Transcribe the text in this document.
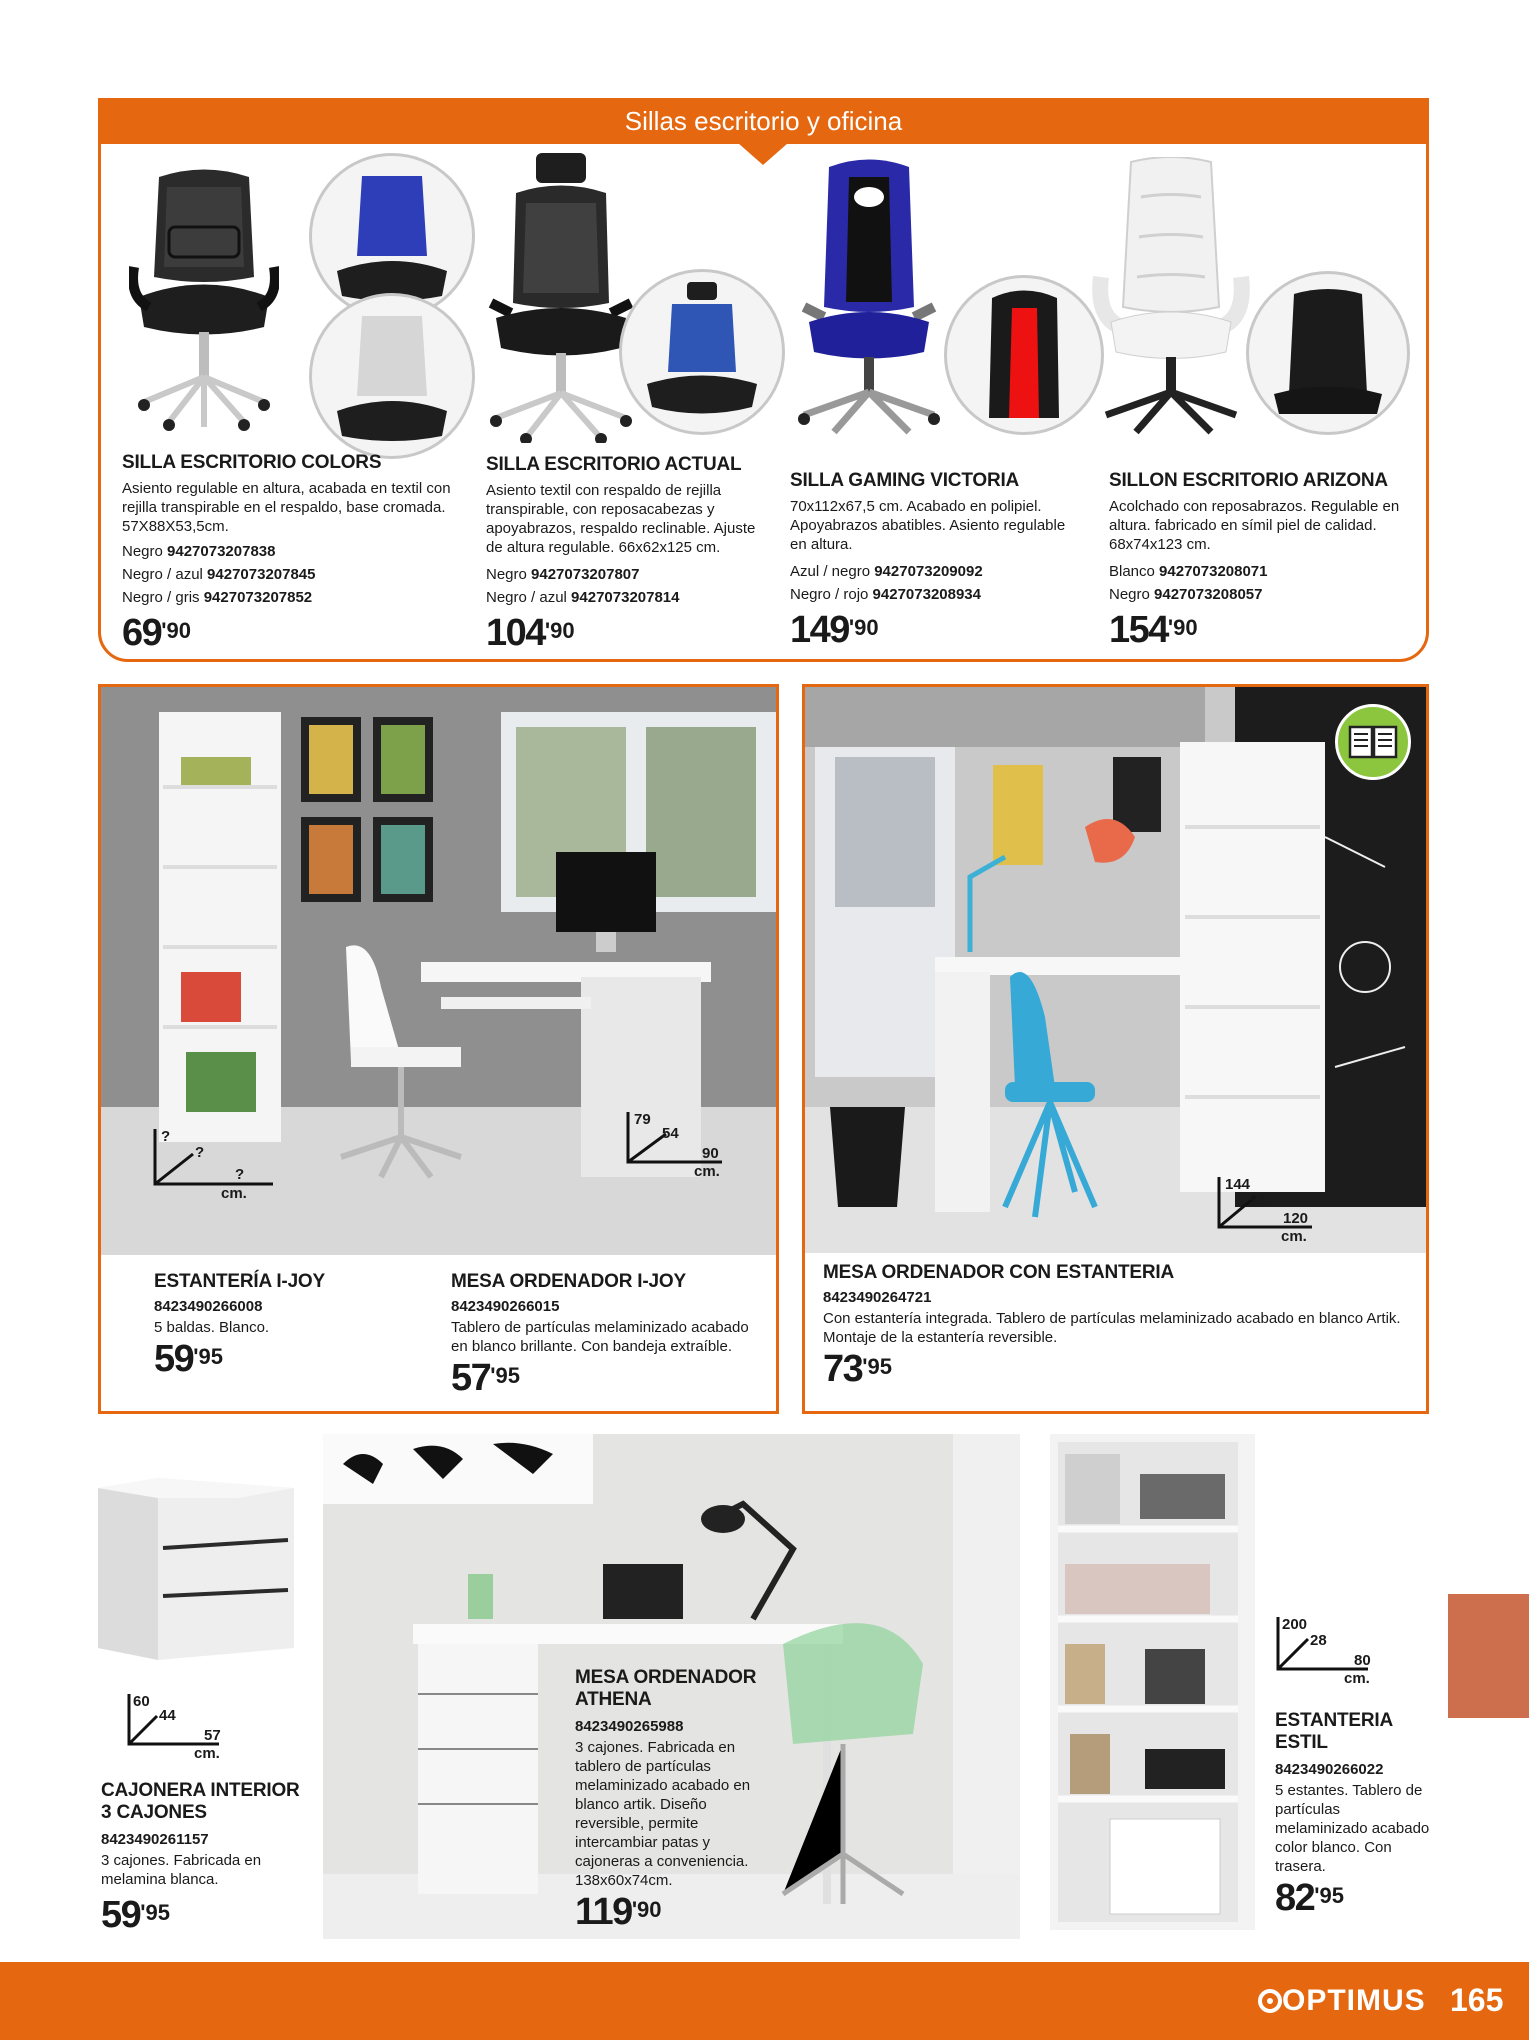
Sillas escritorio y oficina
SILLA ESCRITORIO COLORS
Asiento regulable en altura, acabada en textil con rejilla transpirable en el respaldo, base cromada. 57X88X53,5cm.
Negro 9427073207838
Negro / azul 9427073207845
Negro / gris 9427073207852
$69^{'90}$
SILLA ESCRITORIO ACTUAL
Asiento textil con respaldo de rejilla transpirable, con reposacabezas y apoyabrazos, respaldo reclinable. Ajuste de altura regulable. 66x62x125 cm.
Negro 9427073207807
Negro / azul 9427073207814
$104^{'90}$
SILLA GAMING VICTORIA
70x112x67,5 cm. Acabado en polipiel. Apoyabrazos abatibles. Asiento regulable en altura.
Azul / negro 9427073209092
Negro / rojo 9427073208934
$149^{'90}$
SILLON ESCRITORIO ARIZONA
Acolchado con reposabrazos. Regulable en altura. fabricado en símil piel de calidad. 68x74x123 cm.
Blanco 9427073208071
Negro 9427073208057
$154^{'90}$
?
?
?
cm.
79
54
90
cm.
ESTANTERÍA I-JOY
8423490266008
5 baldas. Blanco.
$59^{'95}$
MESA ORDENADOR I-JOY
8423490266015
Tablero de partículas melaminizado acabado en blanco brillante. Con bandeja extraíble.
$57^{'95}$
144
53
120
cm.
MESA ORDENADOR CON ESTANTERIA
8423490264721
Con estantería integrada. Tablero de partículas melaminizado acabado en blanco Artik. Montaje de la estantería reversible.
$73^{'95}$
60
44
57
cm.
CAJONERA INTERIOR 3 CAJONES
8423490261157
3 cajones. Fabricada en melamina blanca.
$59^{'95}$
MESA ORDENADOR ATHENA
8423490265988
3 cajones. Fabricada en tablero de partículas melaminizado acabado en blanco artik. Diseño reversible, permite intercambiar patas y cajoneras a conveniencia. 138x60x74cm.
$119^{'90}$
200
28
80
cm.
ESTANTERIA ESTIL
8423490266022
5 estantes. Tablero de partículas melaminizado acabado color blanco. Con trasera.
$82^{'95}$
OPTIMUS 165
